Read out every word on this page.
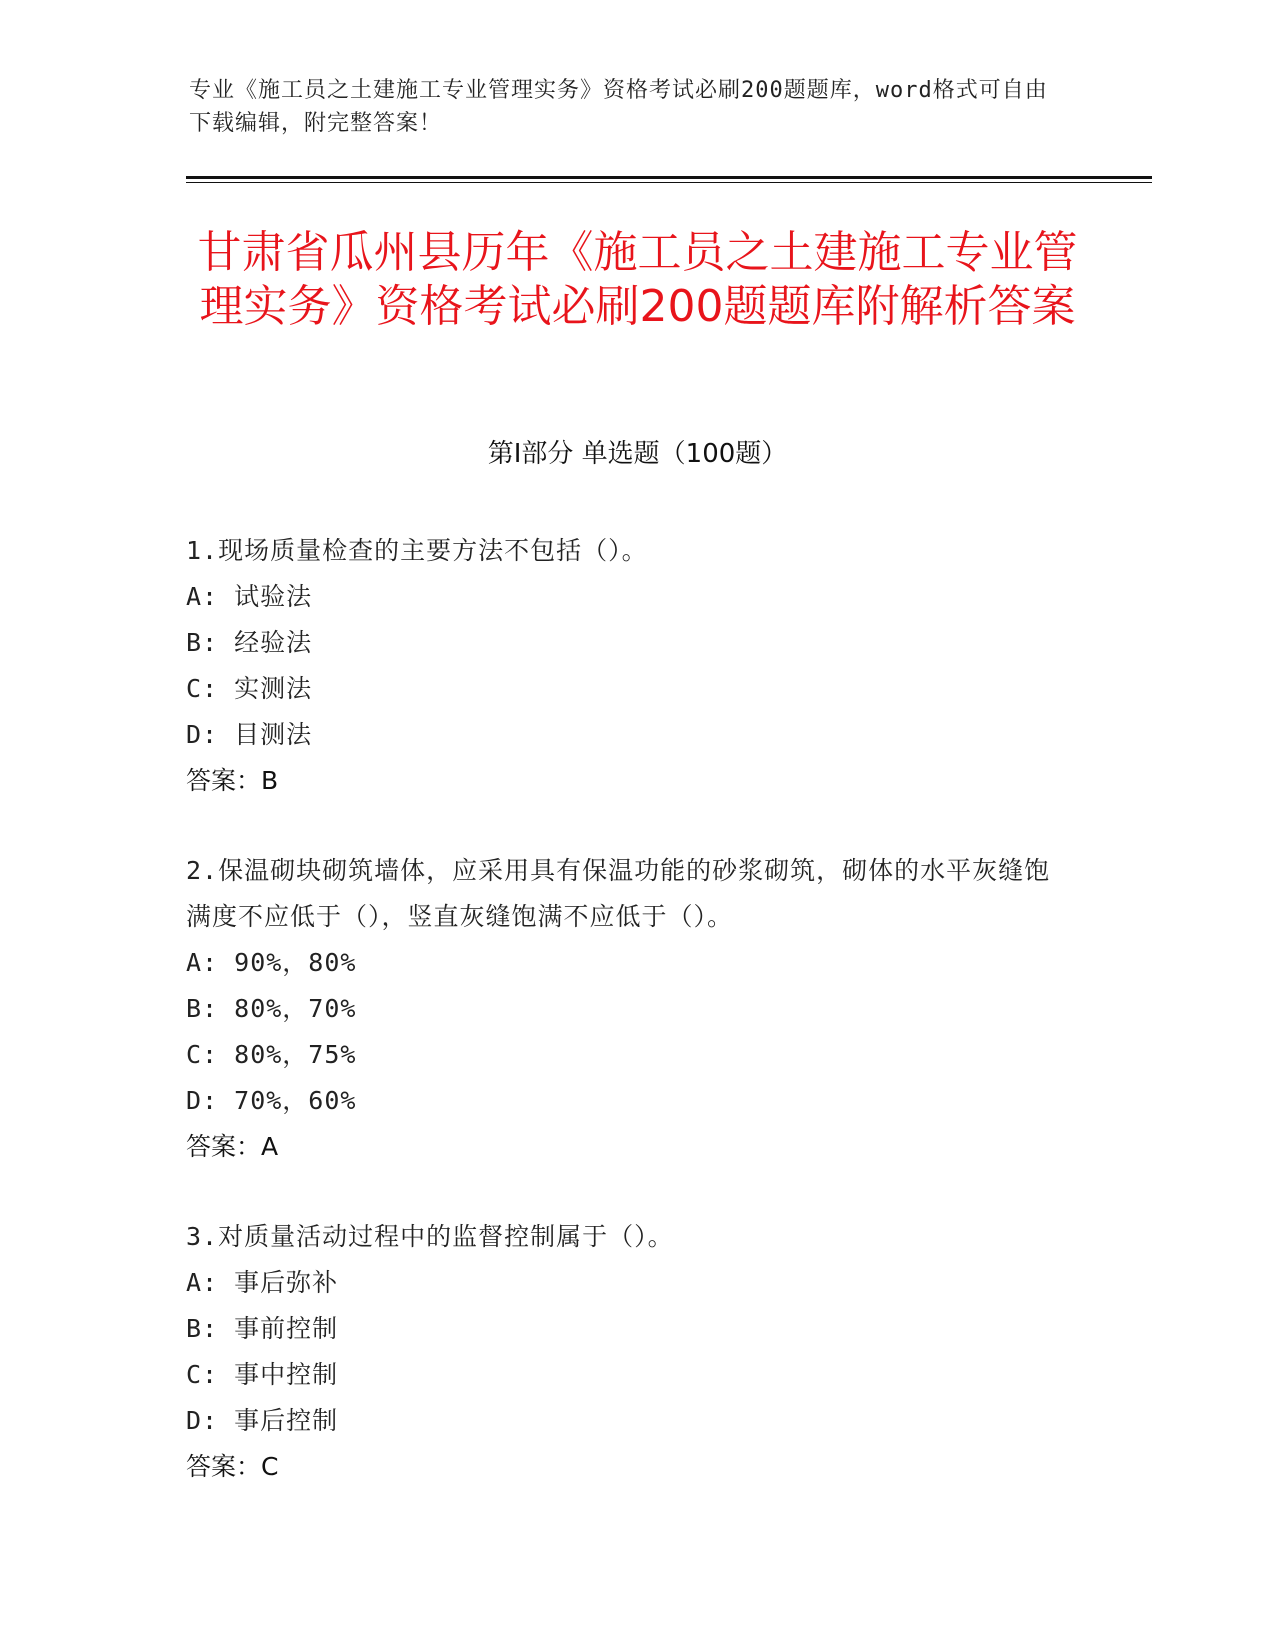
专业《施工员之土建施工专业管理实务》资格考试必刷200题题库，word格式可自由下载编辑，附完整答案！
甘肃省瓜州县历年《施工员之土建施工专业管理实务》资格考试必刷200题题库附解析答案
第I部分 单选题（100题）
1.现场质量检查的主要方法不包括（）。
A: 试验法
B: 经验法
C: 实测法
D: 目测法
答案：B
2.保温砌块砌筑墙体，应采用具有保温功能的砂浆砌筑，砌体的水平灰缝饱满度不应低于（），竖直灰缝饱满不应低于（）。
A: 90%，80%
B: 80%，70%
C: 80%，75%
D: 70%，60%
答案：A
3.对质量活动过程中的监督控制属于（）。
A: 事后弥补
B: 事前控制
C: 事中控制
D: 事后控制
答案：C
